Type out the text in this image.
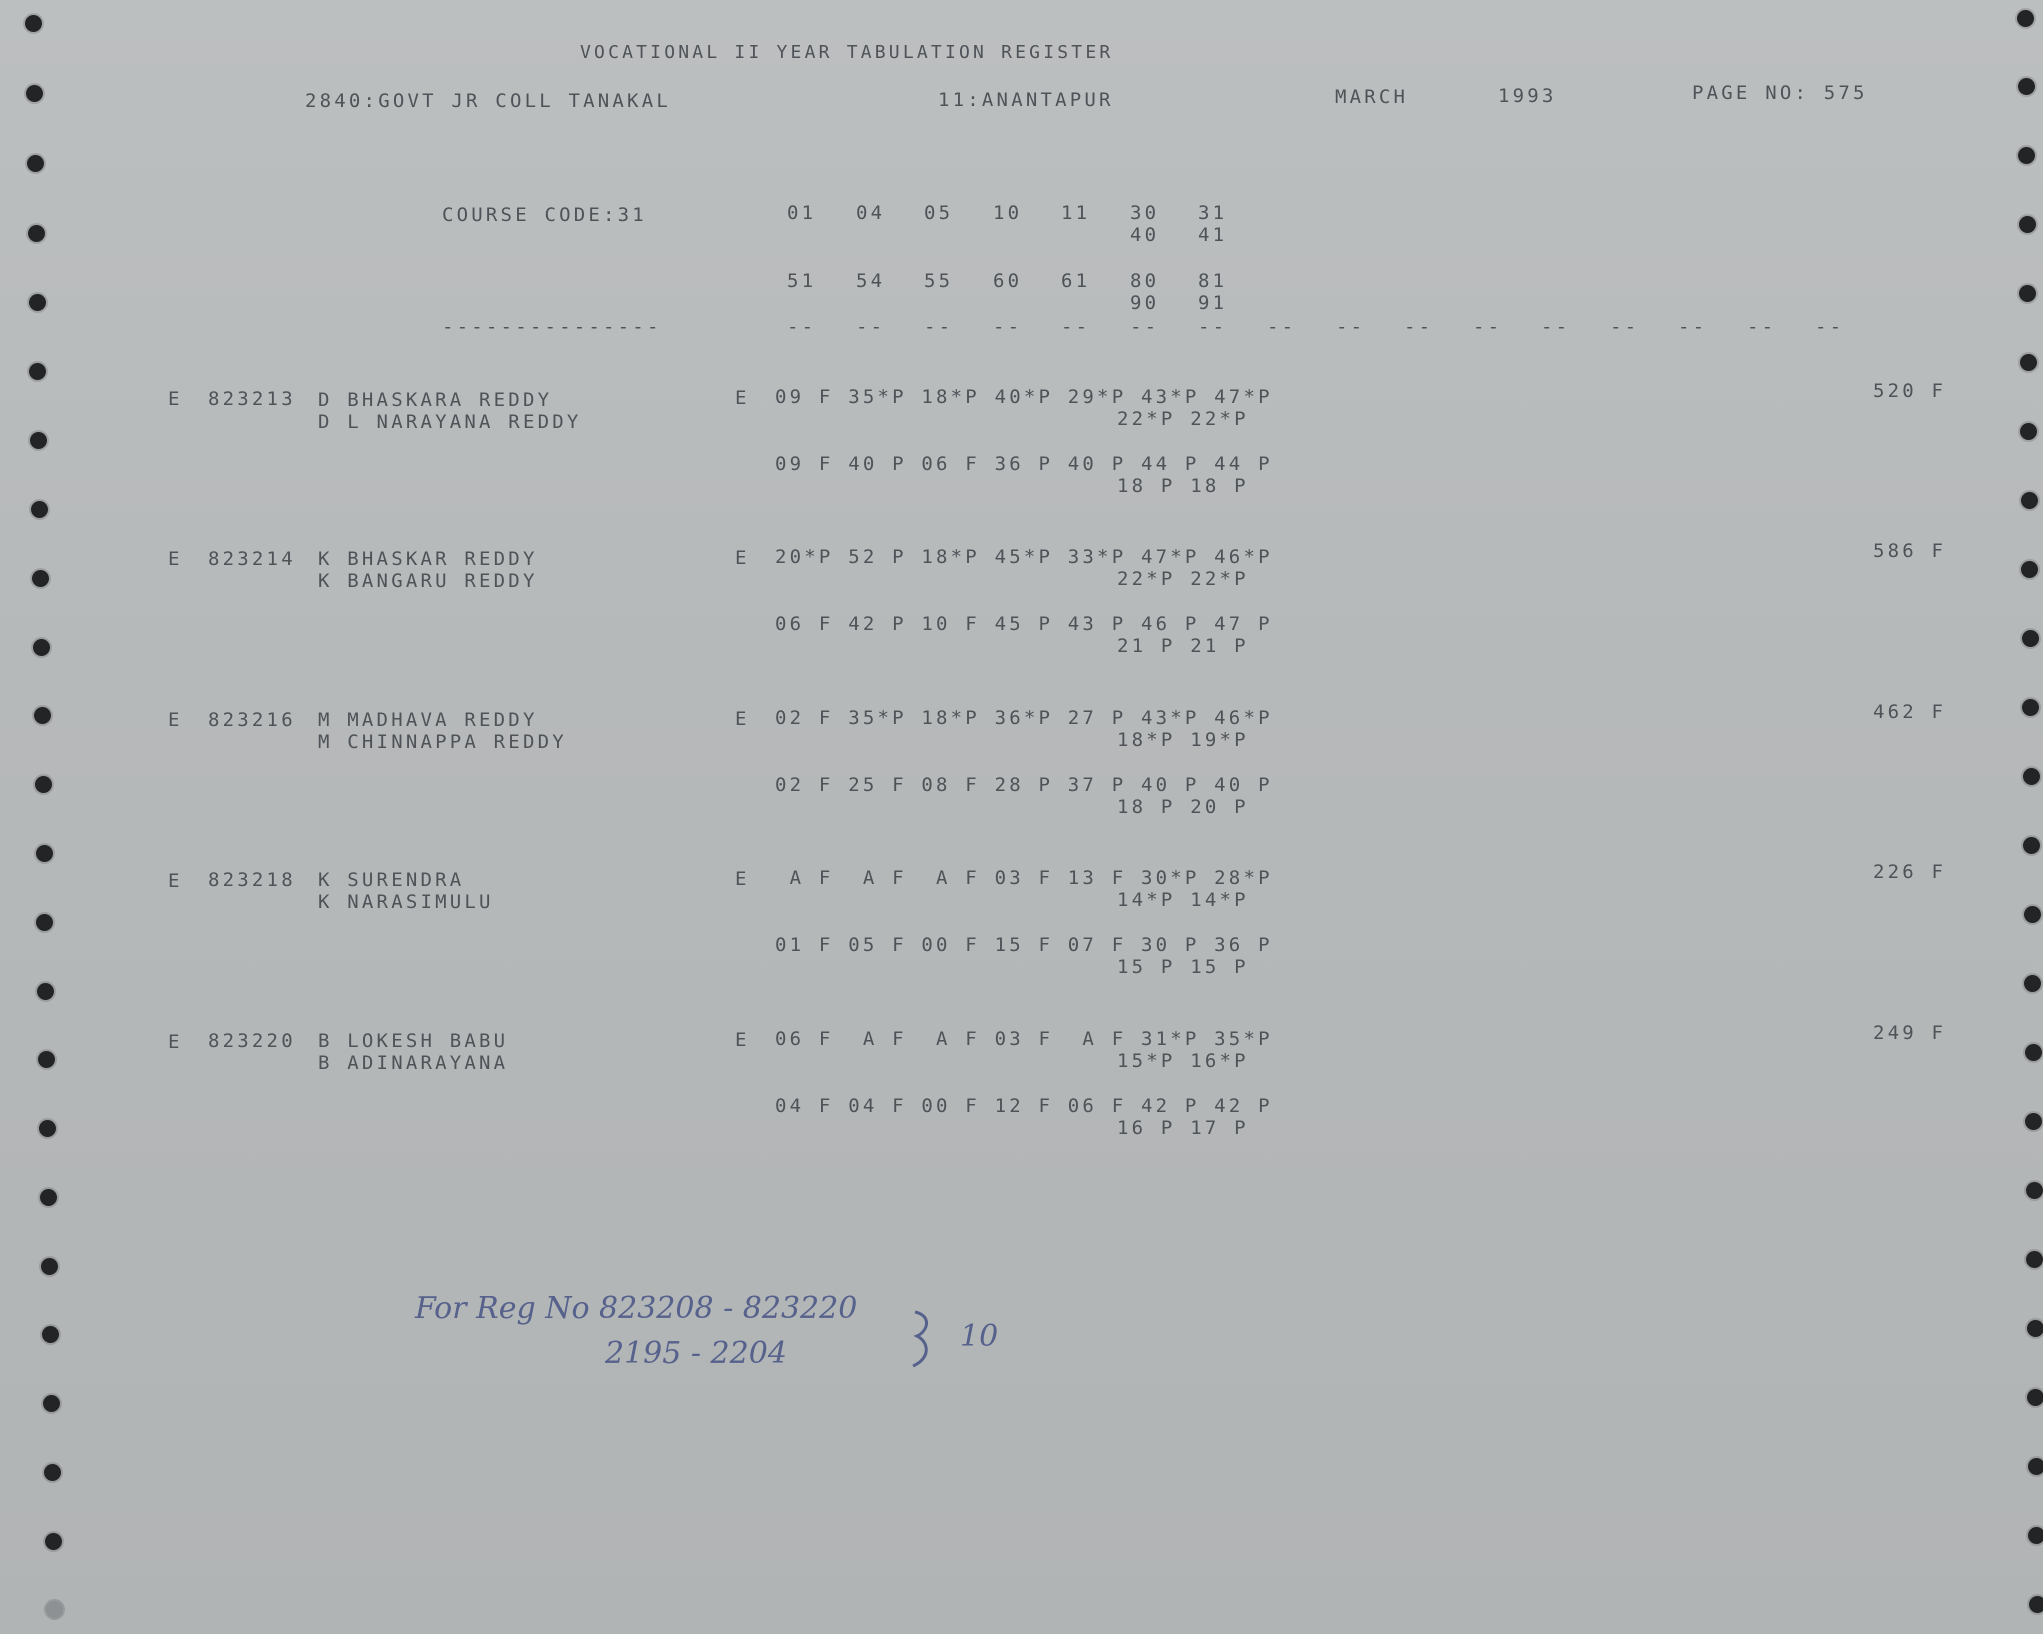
VOCATIONAL II YEAR TABULATION REGISTER
2840:GOVT JR COLL TANAKAL	11:ANANTAPUR	MARCH	1993	PAGE NO: 575
COURSE CODE:31	01 04 05 10 11 30 31
40 41
51 54 55 60 61 80 81
90 91
---------------	-- -- -- -- -- -- -- -- -- -- -- -- -- -- -- --
E 823213 D BHASKARA REDDY
D L NARAYANA REDDY
E 09 F 35*P 18*P 40*P 29*P 43*P 47*P
22*P 22*P
09 F 40 P 06 F 36 P 40 P 44 P 44 P
18 P 18 P
520 F
E 823214 K BHASKAR REDDY
K BANGARU REDDY
E 20*P 52 P 18*P 45*P 33*P 47*P 46*P
22*P 22*P
06 F 42 P 10 F 45 P 43 P 46 P 47 P
21 P 21 P
586 F
E 823216 M MADHAVA REDDY
M CHINNAPPA REDDY
E 02 F 35*P 18*P 36*P 27 P 43*P 46*P
18*P 19*P
02 F 25 F 08 F 28 P 37 P 40 P 40 P
18 P 20 P
462 F
E 823218 K SURENDRA
K NARASIMULU
E A F  A F  A F 03 F 13 F 30*P 28*P
14*P 14*P
01 F 05 F 00 F 15 F 07 F 30 P 36 P
15 P 15 P
226 F
E 823220 B LOKESH BABU
B ADINARAYANA
E 06 F  A F  A F 03 F  A F 31*P 35*P
15*P 16*P
04 F 04 F 00 F 12 F 06 F 42 P 42 P
16 P 17 P
249 F
For Reg No 823208 - 823220
2195 - 2204	10
